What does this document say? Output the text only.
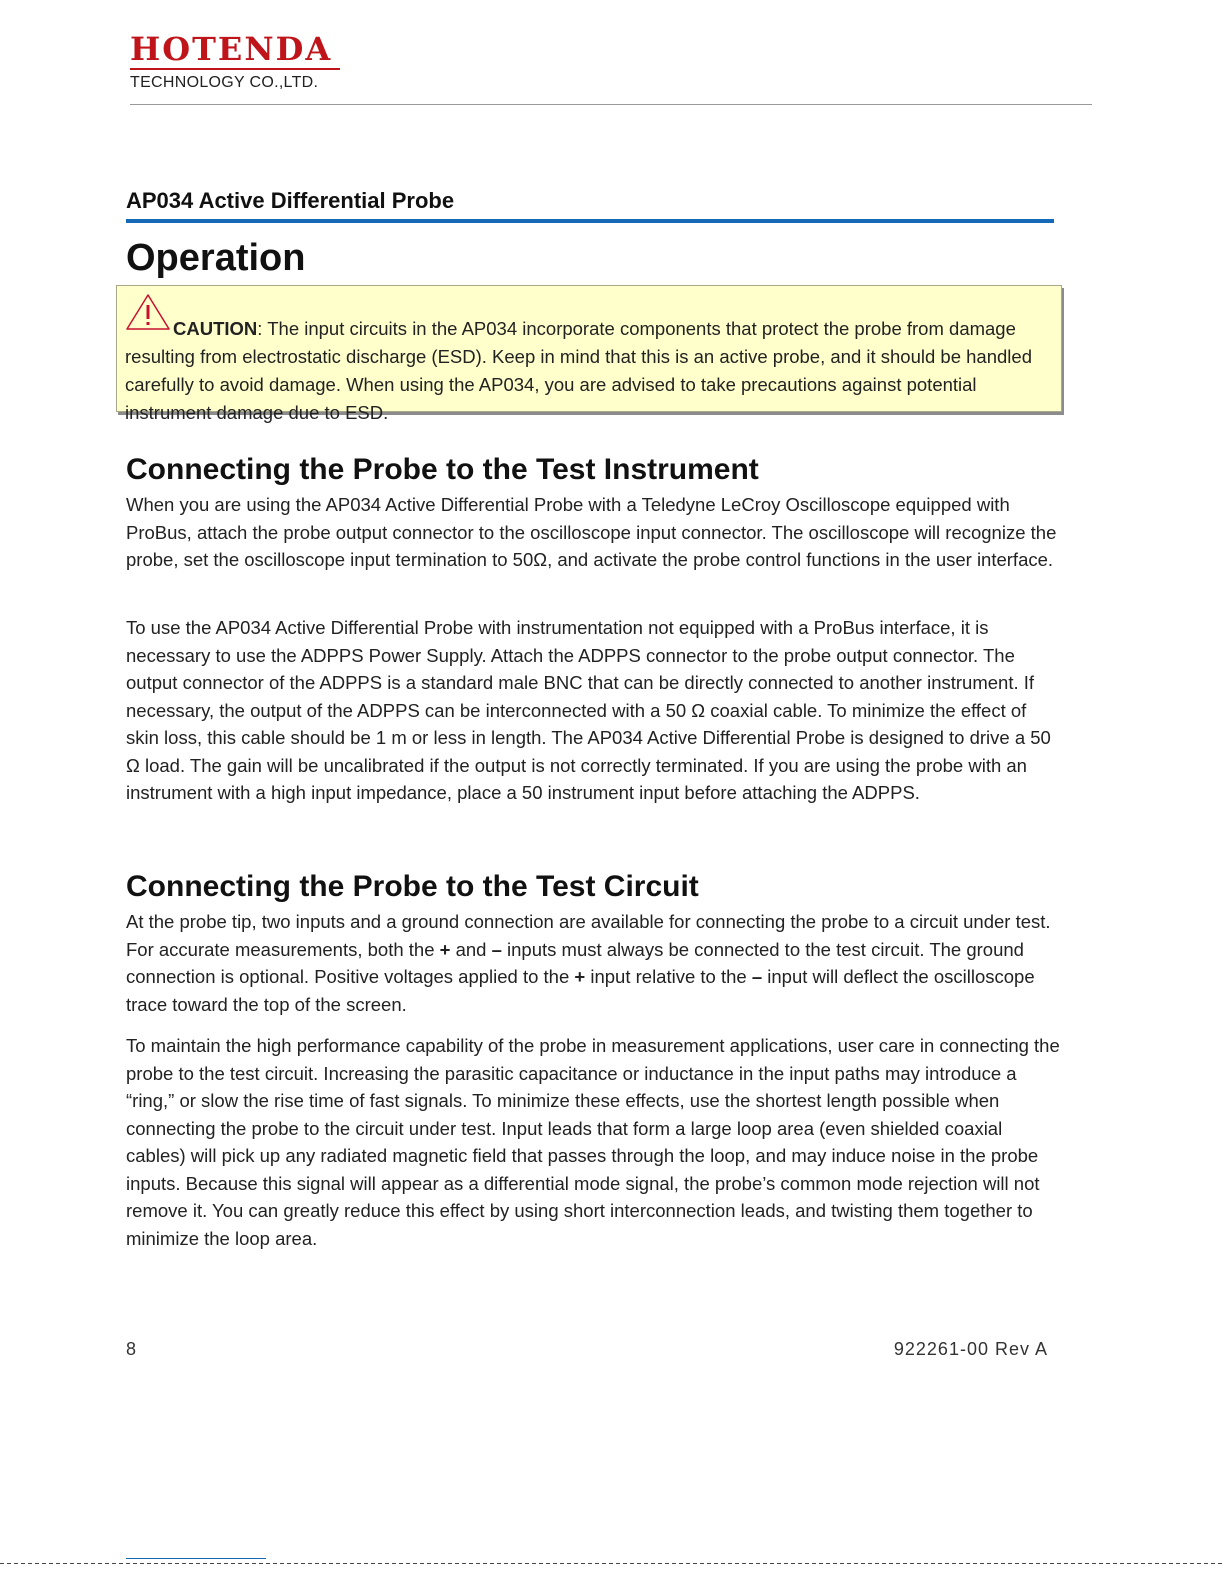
HOTENDA
TECHNOLOGY CO.,LTD.
AP034 Active Differential Probe
Operation
CAUTION: The input circuits in the AP034 incorporate components that protect the probe from damage resulting from electrostatic discharge (ESD). Keep in mind that this is an active probe, and it should be handled carefully to avoid damage. When using the AP034, you are advised to take precautions against potential instrument damage due to ESD.
Connecting the Probe to the Test Instrument

When you are using the AP034 Active Differential Probe with a Teledyne LeCroy Oscilloscope equipped with ProBus, attach the probe output connector to the oscilloscope input connector. The oscilloscope will recognize the probe, set the oscilloscope input termination to 50Ω, and activate the probe control functions in the user interface.

To use the AP034 Active Differential Probe with instrumentation not equipped with a ProBus interface, it is necessary to use the ADPPS Power Supply. Attach the ADPPS connector to the probe output connector. The output connector of the ADPPS is a standard male BNC that can be directly connected to another instrument. If necessary, the output of the ADPPS can be interconnected with a 50 Ω coaxial cable. To minimize the effect of skin loss, this cable should be 1 m or less in length. The AP034 Active Differential Probe is designed to drive a 50 Ω load. The gain will be uncalibrated if the output is not correctly terminated. If you are using the probe with an instrument with a high input impedance, place a 50 instrument input before attaching the ADPPS.

Connecting the Probe to the Test Circuit

At the probe tip, two inputs and a ground connection are available for connecting the probe to a circuit under test. For accurate measurements, both the + and – inputs must always be connected to the test circuit. The ground connection is optional. Positive voltages applied to the + input relative to the – input will deflect the oscilloscope trace toward the top of the screen.

To maintain the high performance capability of the probe in measurement applications, user care in connecting the probe to the test circuit. Increasing the parasitic capacitance or inductance in the input paths may introduce a “ring,” or slow the rise time of fast signals. To minimize these effects, use the shortest length possible when connecting the probe to the circuit under test. Input leads that form a large loop area (even shielded coaxial cables) will pick up any radiated magnetic field that passes through the loop, and may induce noise in the probe inputs. Because this signal will appear as a differential mode signal, the probe’s common mode rejection will not remove it. You can greatly reduce this effect by using short interconnection leads, and twisting them together to minimize the loop area.

8	922261-00 Rev A
